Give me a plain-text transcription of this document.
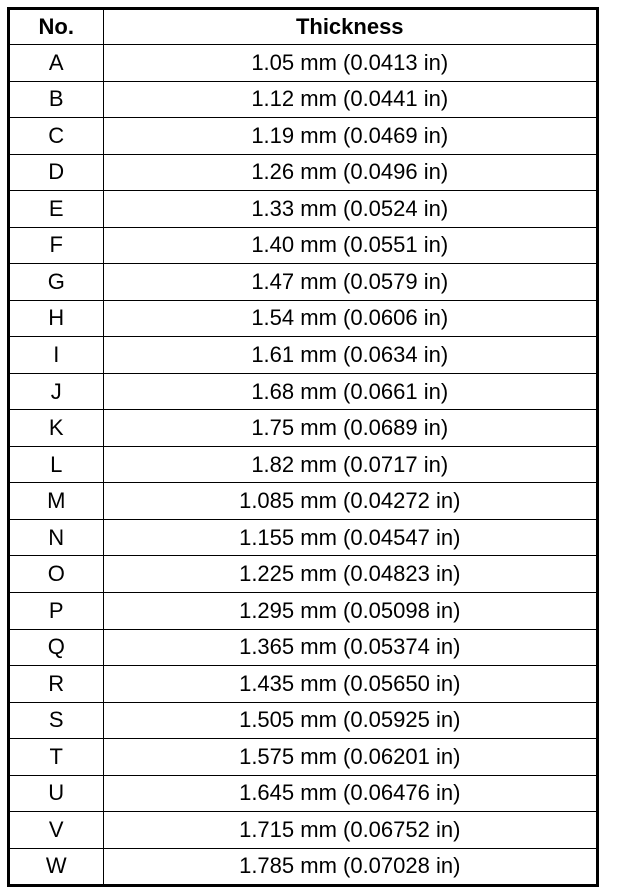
No.	Thickness
A	1.05 mm (0.0413 in)
B	1.12 mm (0.0441 in)
C	1.19 mm (0.0469 in)
D	1.26 mm (0.0496 in)
E	1.33 mm (0.0524 in)
F	1.40 mm (0.0551 in)
G	1.47 mm (0.0579 in)
H	1.54 mm (0.0606 in)
I	1.61 mm (0.0634 in)
J	1.68 mm (0.0661 in)
K	1.75 mm (0.0689 in)
L	1.82 mm (0.0717 in)
M	1.085 mm (0.04272 in)
N	1.155 mm (0.04547 in)
O	1.225 mm (0.04823 in)
P	1.295 mm (0.05098 in)
Q	1.365 mm (0.05374 in)
R	1.435 mm (0.05650 in)
S	1.505 mm (0.05925 in)
T	1.575 mm (0.06201 in)
U	1.645 mm (0.06476 in)
V	1.715 mm (0.06752 in)
W	1.785 mm (0.07028 in)
